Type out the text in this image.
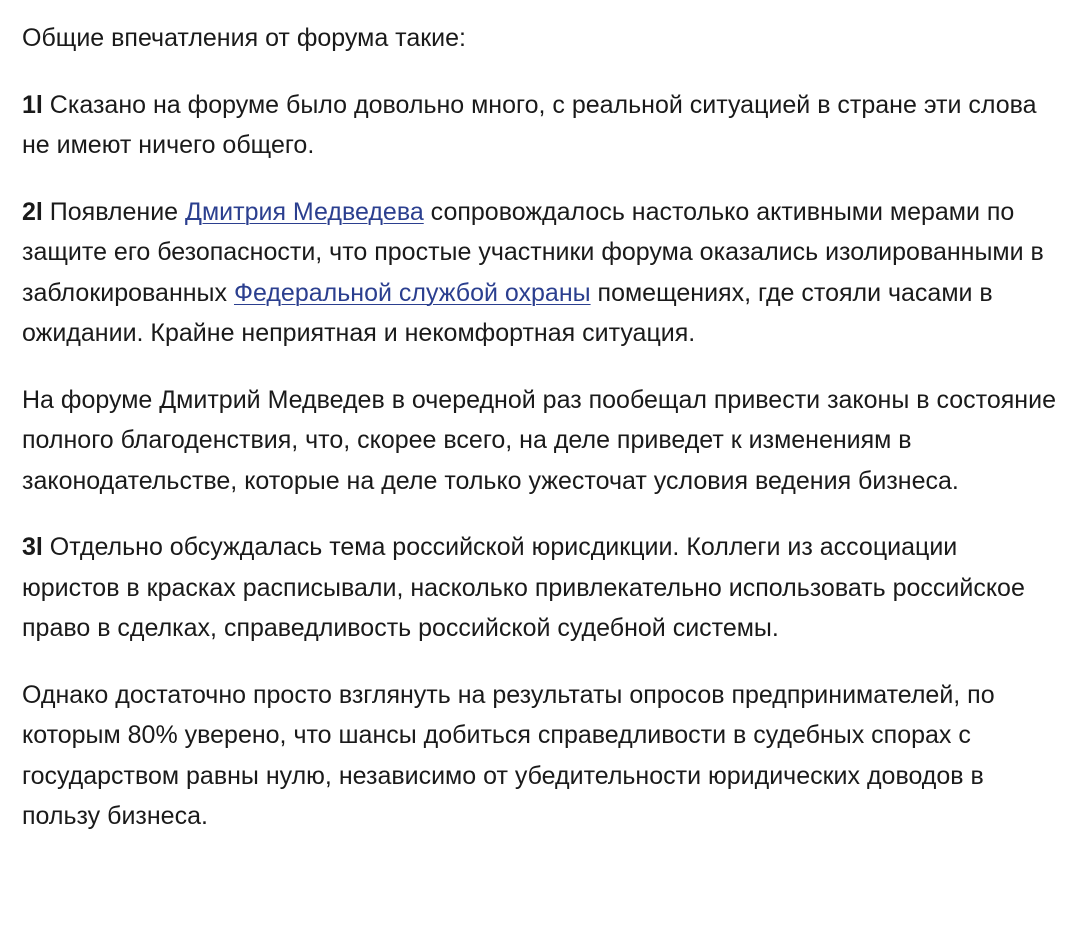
Общие впечатления от форума такие:

1l Сказано на форуме было довольно много, с реальной ситуацией в стране эти слова не имеют ничего общего.

2l Появление Дмитрия Медведева сопровождалось настолько активными мерами по защите его безопасности, что простые участники форума оказались изолированными в заблокированных Федеральной службой охраны помещениях, где стояли часами в ожидании. Крайне неприятная и некомфортная ситуация.

На форуме Дмитрий Медведев в очередной раз пообещал привести законы в состояние полного благоденствия, что, скорее всего, на деле приведет к изменениям в законодательстве, которые на деле только ужесточат условия ведения бизнеса.

3l Отдельно обсуждалась тема российской юрисдикции. Коллеги из ассоциации юристов в красках расписывали, насколько привлекательно использовать российское право в сделках, справедливость российской судебной системы.

Однако достаточно просто взглянуть на результаты опросов предпринимателей, по которым 80% уверено, что шансы добиться справедливости в судебных спорах с государством равны нулю, независимо от убедительности юридических доводов в пользу бизнеса.
